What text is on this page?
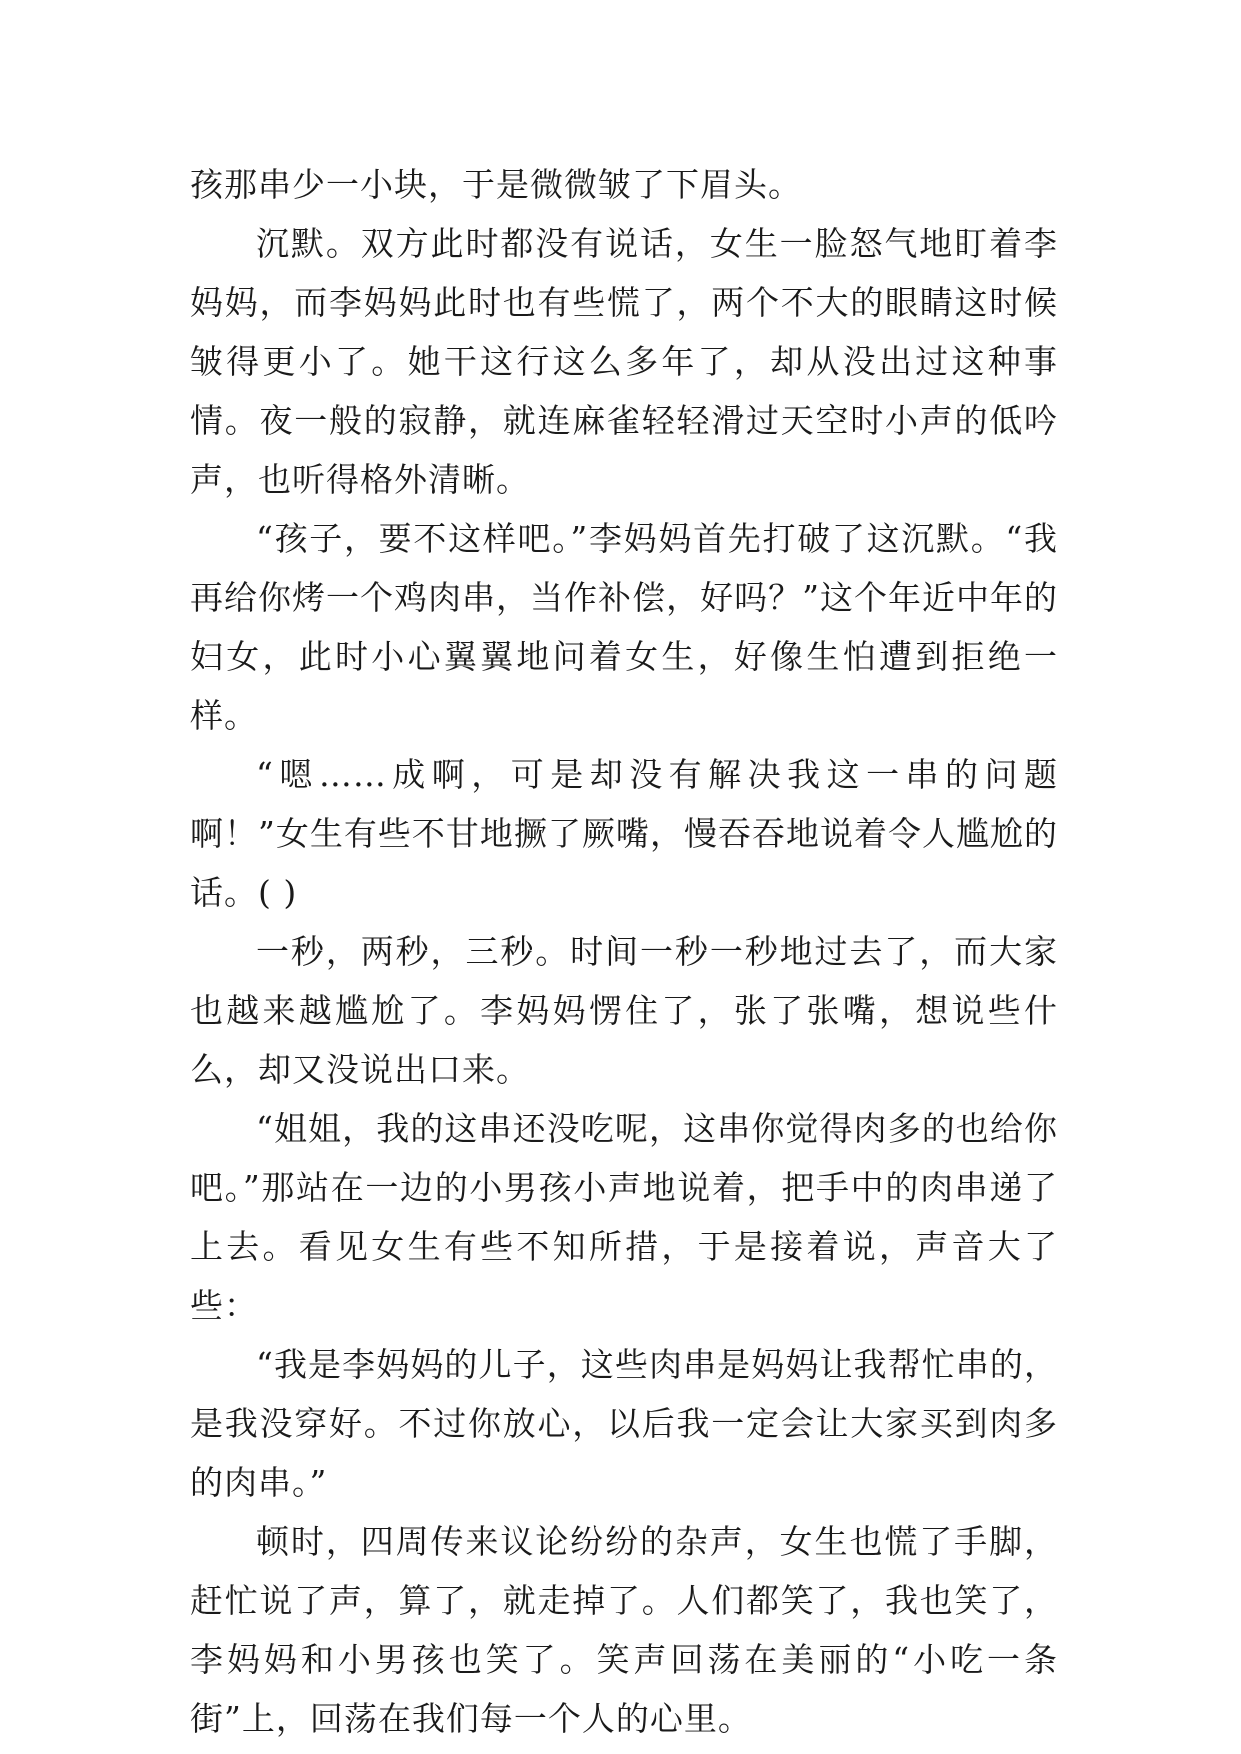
孩那串少一小块，于是微微皱了下眉头。

沉默。双方此时都没有说话，女生一脸怒气地盯着李妈妈，而李妈妈此时也有些慌了，两个不大的眼睛这时候皱得更小了。她干这行这么多年了，却从没出过这种事情。夜一般的寂静，就连麻雀轻轻滑过天空时小声的低吟声，也听得格外清晰。

“孩子，要不这样吧。”李妈妈首先打破了这沉默。“我再给你烤一个鸡肉串，当作补偿，好吗？”这个年近中年的妇女，此时小心翼翼地问着女生，好像生怕遭到拒绝一样。

“嗯……成啊，可是却没有解决我这一串的问题啊！”女生有些不甘地撅了厥嘴，慢吞吞地说着令人尴尬的话。( )

一秒，两秒，三秒。时间一秒一秒地过去了，而大家也越来越尴尬了。李妈妈愣住了，张了张嘴，想说些什么，却又没说出口来。

“姐姐，我的这串还没吃呢，这串你觉得肉多的也给你吧。”那站在一边的小男孩小声地说着，把手中的肉串递了上去。看见女生有些不知所措，于是接着说，声音大了些：

“我是李妈妈的儿子，这些肉串是妈妈让我帮忙串的，是我没穿好。不过你放心，以后我一定会让大家买到肉多的肉串。”

顿时，四周传来议论纷纷的杂声，女生也慌了手脚，赶忙说了声，算了，就走掉了。人们都笑了，我也笑了，李妈妈和小男孩也笑了。笑声回荡在美丽的“小吃一条街”上，回荡在我们每一个人的心里。
